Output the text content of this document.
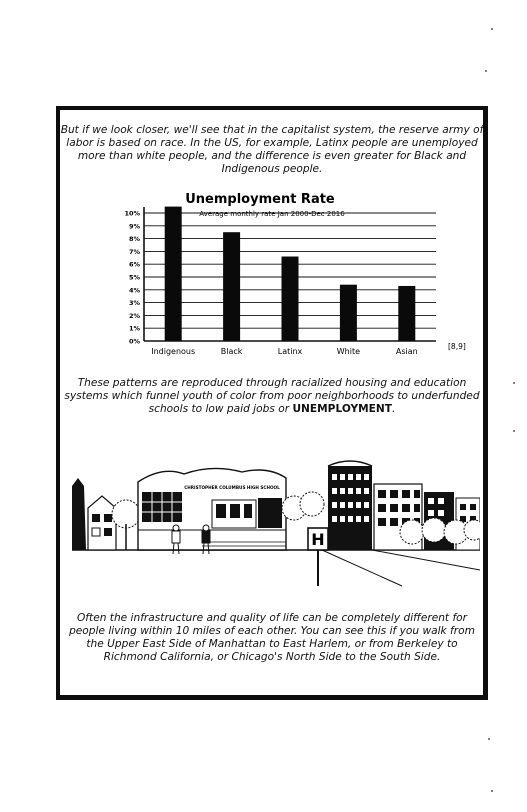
But if we look closer, we'll see that in the capitalist system, the reserve army of labor is based on race. In the US, for example, Latinx people are unemployed more than white people, and the difference is even greater for Black and Indigenous people.
Unemployment Rate
Average monthly rate Jan 2000-Dec 2016
0%
1%
2%
3%
4%
5%
6%
7%
8%
9%
10%
Indigenous	Black	Latinx	White	Asian
[8,9]
These patterns are reproduced through racialized housing and education systems which funnel youth of color from poor neighborhoods to underfunded schools to low paid jobs or UNEMPLOYMENT.
CHRISTOPHER COLUMBUS HIGH SCHOOL
H
Often the infrastructure and quality of life can be completely different for people living within 10 miles of each other. You can see this if you walk from the Upper East Side of Manhattan to East Harlem, or from Berkeley to Richmond California, or Chicago's North Side to the South Side.
